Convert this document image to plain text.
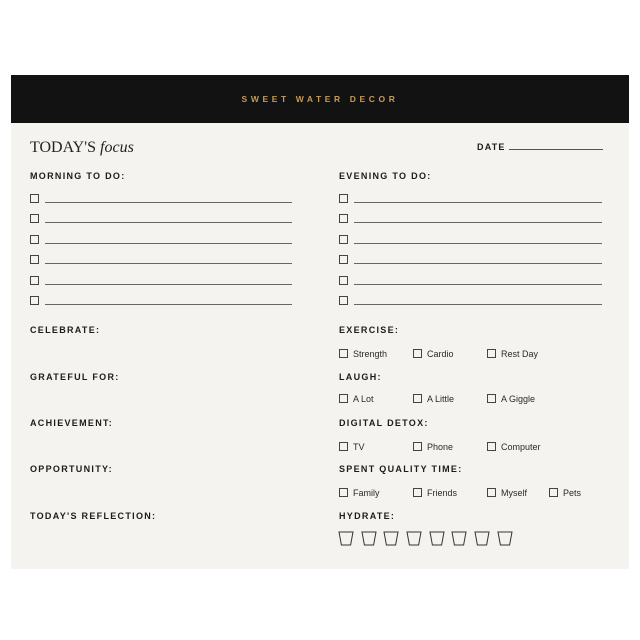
SWEET WATER DECOR
TODAY'S focus	DATE
MORNING TO DO:
CELEBRATE:
GRATEFUL FOR:
ACHIEVEMENT:
OPPORTUNITY:
TODAY'S REFLECTION:
EVENING TO DO:
EXERCISE:
LAUGH:
DIGITAL DETOX:
SPENT QUALITY TIME:
HYDRATE:
Strength	Cardio	Rest Day
A Lot	A Little	A Giggle
TV	Phone	Computer
Family	Friends	Myself	Pets
